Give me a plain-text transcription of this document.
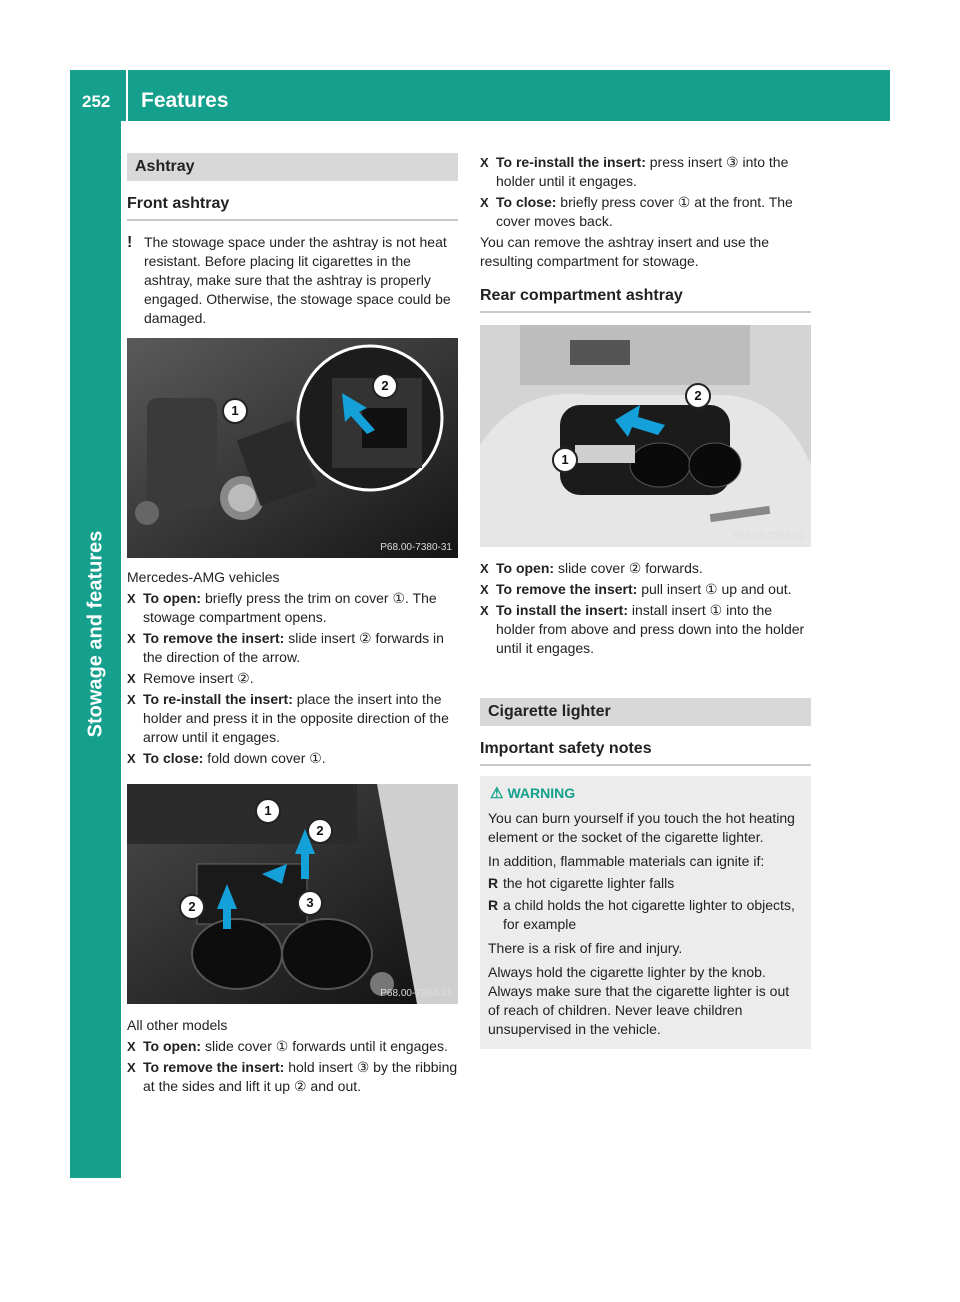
252 Features
Stowage and features
Ashtray
Front ashtray
! The stowage space under the ashtray is not heat resistant. Before placing lit cigarettes in the ashtray, make sure that the ashtray is properly engaged. Otherwise, the stowage space could be damaged.
1
2
P68.00-7380-31

Mercedes-AMG vehicles

X To open: briefly press the trim on cover ①. The stowage compartment opens.
X To remove the insert: slide insert ② forwards in the direction of the arrow.
X Remove insert ②.
X To re-install the insert: place the insert into the holder and press it in the opposite direction of the arrow until it engages.
X To close: fold down cover ①.
1
2
2	3
P68.00-7354-31

All other models

X To open: slide cover ① forwards until it engages.
X To remove the insert: hold insert ③ by the ribbing at the sides and lift it up ② and out.
X To re-install the insert: press insert ③ into the holder until it engages.
X To close: briefly press cover ① at the front. The cover moves back.

You can remove the ashtray insert and use the resulting compartment for stowage.

Rear compartment ashtray
2
1
P68.00-7381-31
X To open: slide cover ② forwards.
X To remove the insert: pull insert ① up and out.
X To install the insert: install insert ① into the holder from above and press down into the holder until it engages.
Cigarette lighter
Important safety notes
⚠ WARNING

You can burn yourself if you touch the hot heating element or the socket of the cigarette lighter.

In addition, flammable materials can ignite if:

R the hot cigarette lighter falls
R a child holds the hot cigarette lighter to objects, for example

There is a risk of fire and injury.

Always hold the cigarette lighter by the knob. Always make sure that the cigarette lighter is out of reach of children. Never leave children unsupervised in the vehicle.
